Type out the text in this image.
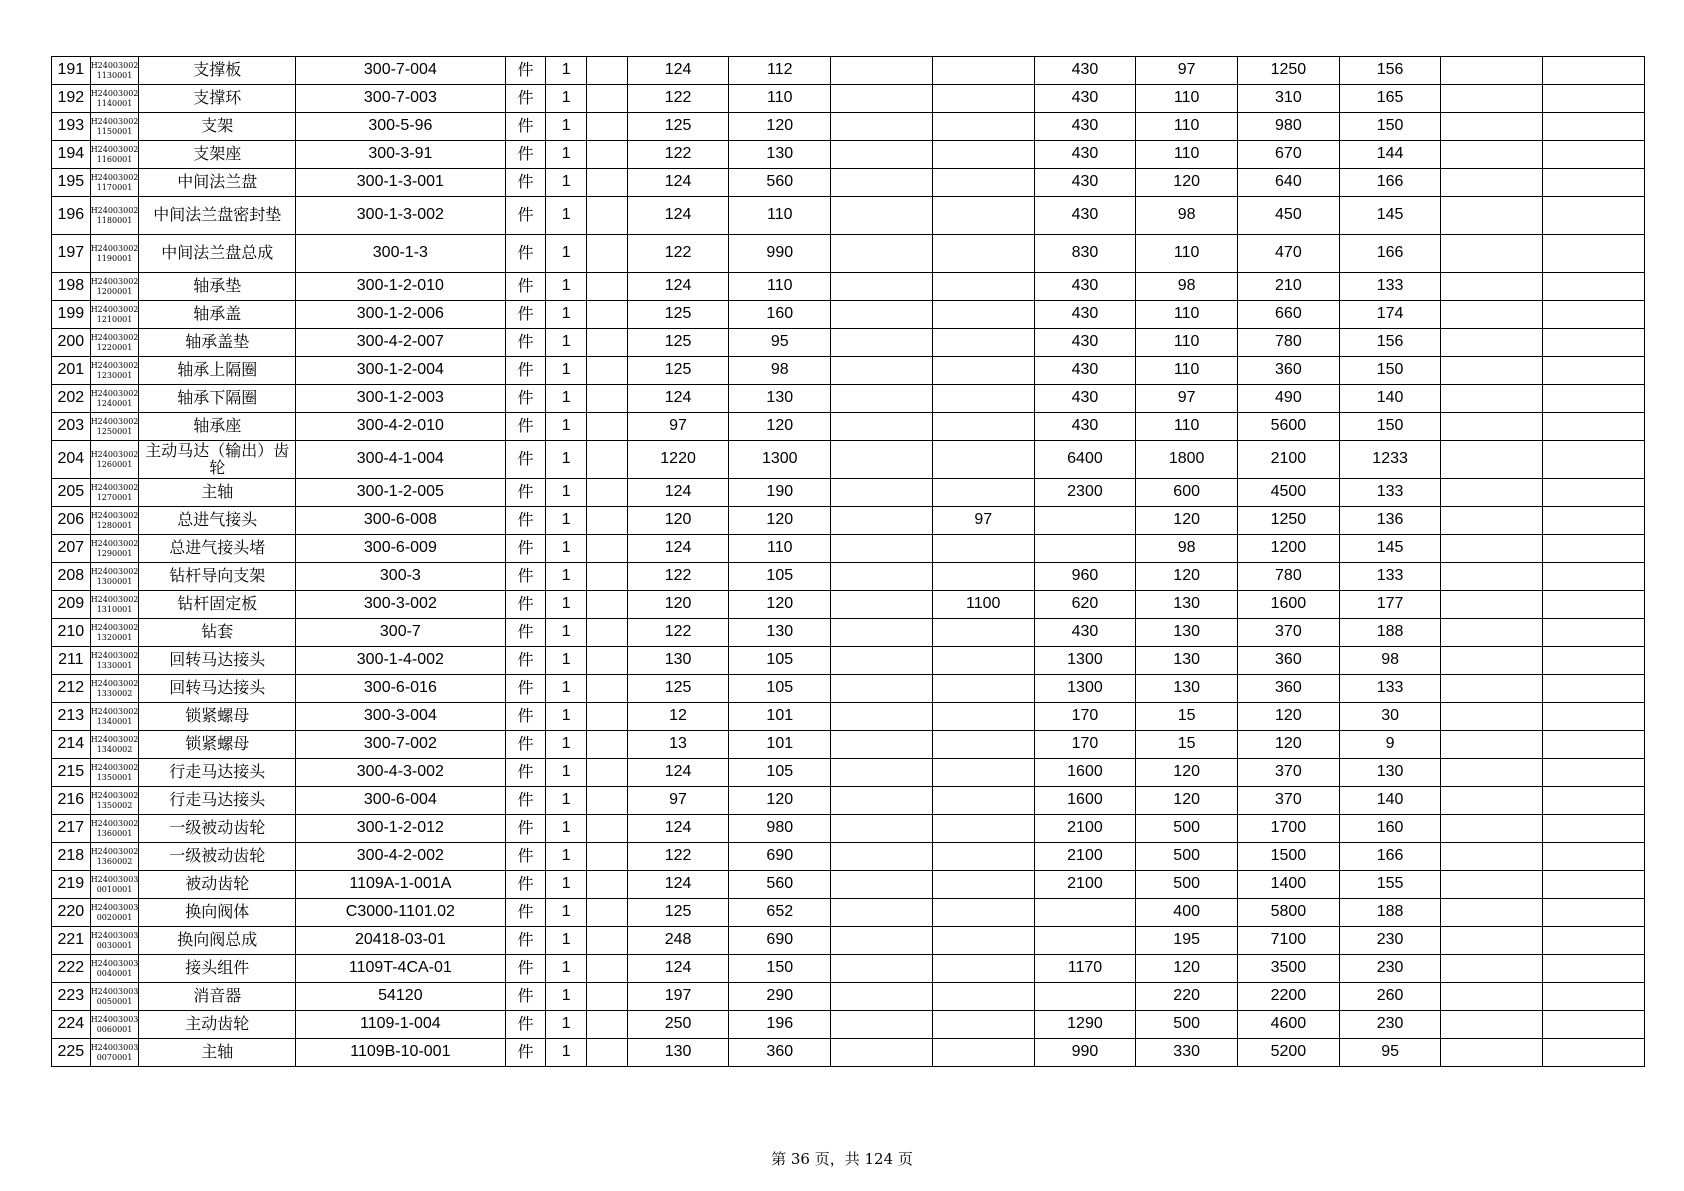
191	H24003002 1130001	支撑板	300-7-004	件	1		124	112			430	97	1250	156		
192	H24003002 1140001	支撑环	300-7-003	件	1		122	110			430	110	310	165		
193	H24003002 1150001	支架	300-5-96	件	1		125	120			430	110	980	150		
194	H24003002 1160001	支架座	300-3-91	件	1		122	130			430	110	670	144		
195	H24003002 1170001	中间法兰盘	300-1-3-001	件	1		124	560			430	120	640	166		
196	H24003002 1180001	中间法兰盘密封垫	300-1-3-002	件	1		124	110			430	98	450	145		
197	H24003002 1190001	中间法兰盘总成	300-1-3	件	1		122	990			830	110	470	166		
198	H24003002 1200001	轴承垫	300-1-2-010	件	1		124	110			430	98	210	133		
199	H24003002 1210001	轴承盖	300-1-2-006	件	1		125	160			430	110	660	174		
200	H24003002 1220001	轴承盖垫	300-4-2-007	件	1		125	95			430	110	780	156		
201	H24003002 1230001	轴承上隔圈	300-1-2-004	件	1		125	98			430	110	360	150		
202	H24003002 1240001	轴承下隔圈	300-1-2-003	件	1		124	130			430	97	490	140		
203	H24003002 1250001	轴承座	300-4-2-010	件	1		97	120			430	110	5600	150		
204	H24003002 1260001	主动马达（输出）齿轮	300-4-1-004	件	1		1220	1300			6400	1800	2100	1233		
205	H24003002 1270001	主轴	300-1-2-005	件	1		124	190			2300	600	4500	133		
206	H24003002 1280001	总进气接头	300-6-008	件	1		120	120		97		120	1250	136		
207	H24003002 1290001	总进气接头堵	300-6-009	件	1		124	110				98	1200	145		
208	H24003002 1300001	钻杆导向支架	300-3	件	1		122	105			960	120	780	133		
209	H24003002 1310001	钻杆固定板	300-3-002	件	1		120	120		1100	620	130	1600	177		
210	H24003002 1320001	钻套	300-7	件	1		122	130			430	130	370	188		
211	H24003002 1330001	回转马达接头	300-1-4-002	件	1		130	105			1300	130	360	98		
212	H24003002 1330002	回转马达接头	300-6-016	件	1		125	105			1300	130	360	133		
213	H24003002 1340001	锁紧螺母	300-3-004	件	1		12	101			170	15	120	30		
214	H24003002 1340002	锁紧螺母	300-7-002	件	1		13	101			170	15	120	9		
215	H24003002 1350001	行走马达接头	300-4-3-002	件	1		124	105			1600	120	370	130		
216	H24003002 1350002	行走马达接头	300-6-004	件	1		97	120			1600	120	370	140		
217	H24003002 1360001	一级被动齿轮	300-1-2-012	件	1		124	980			2100	500	1700	160		
218	H24003002 1360002	一级被动齿轮	300-4-2-002	件	1		122	690			2100	500	1500	166		
219	H24003003 0010001	被动齿轮	1109A-1-001A	件	1		124	560			2100	500	1400	155		
220	H24003003 0020001	换向阀体	C3000-1101.02	件	1		125	652				400	5800	188		
221	H24003003 0030001	换向阀总成	20418-03-01	件	1		248	690				195	7100	230		
222	H24003003 0040001	接头组件	1109T-4CA-01	件	1		124	150			1170	120	3500	230		
223	H24003003 0050001	消音器	54120	件	1		197	290				220	2200	260		
224	H24003003 0060001	主动齿轮	1109-1-004	件	1		250	196			1290	500	4600	230		
225	H24003003 0070001	主轴	1109B-10-001	件	1		130	360			990	330	5200	95		
第 36 页，共 124 页
